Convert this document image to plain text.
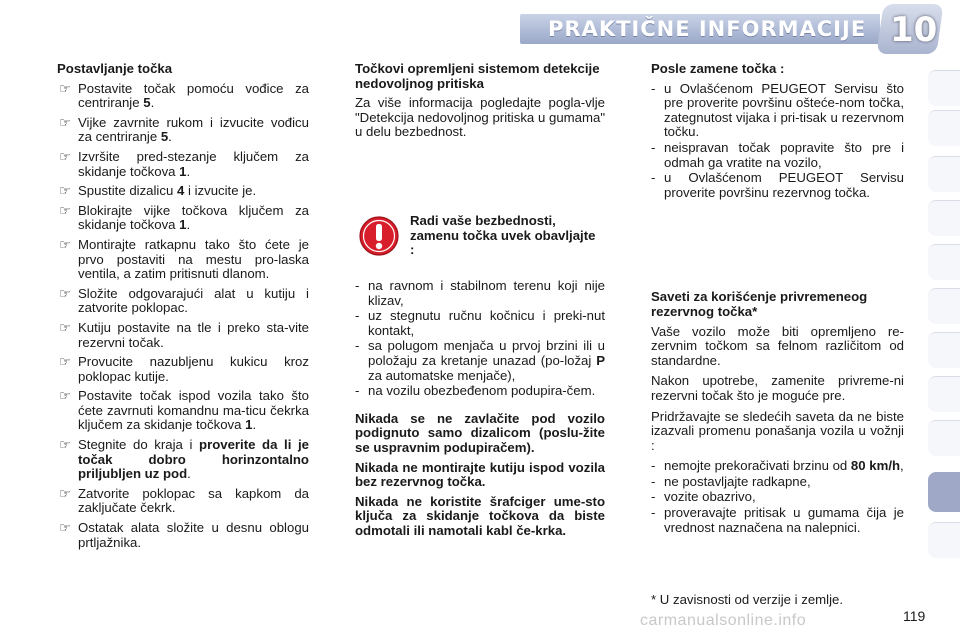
PRAKTIČNE INFORMACIJE 10
Postavljanje točka
☞ Postavite točak pomoću vođice za centriranje 5.
☞ Vijke zavrnite rukom i izvucite vođicu za centriranje 5.
☞ Izvršite pred-stezanje ključem za skidanje točkova 1.
☞ Spustite dizalicu 4 i izvucite je.
☞ Blokirajte vijke točkova ključem za skidanje točkova 1.
☞ Montirajte ratkapnu tako što ćete je prvo postaviti na mestu pro-laska ventila, a zatim pritisnuti dlanom.
☞ Složite odgovarajući alat u kutiju i zatvorite poklopac.
☞ Kutiju postavite na tle i preko sta-vite rezervni točak.
☞ Provucite nazubljenu kukicu kroz poklopac kutije.
☞ Postavite točak ispod vozila tako što ćete zavrnuti komandnu ma-ticu čekrka ključem za skidanje točkova 1.
☞ Stegnite do kraja i proverite da li je točak dobro horinzontalno priljubljen uz pod.
☞ Zatvorite poklopac sa kapkom da zaključate čekrk.
☞ Ostatak alata složite u desnu oblogu prtljažnika.
Točkovi opremljeni sistemom detekcije nedovoljnog pritiska

Za više informacija pogledajte pogla-vlje "Detekcija nedovoljnog pritiska u gumama" u delu bezbednost.

Radi vaše bezbednosti, zamenu točka uvek obavljajte :
- na ravnom i stabilnom terenu koji nije klizav,
- uz stegnutu ručnu kočnicu i preki-nut kontakt,
- sa polugom menjača u prvoj brzini ili u položaju za kretanje unazad (po-ložaj P za automatske menjače),
- na vozilu obezbeđenom podupira-čem.

Nikada se ne zavlačite pod vozilo podignuto samo dizalicom (poslu-žite se uspravnim podupiračem).

Nikada ne montirajte kutiju ispod vozila bez rezervnog točka.

Nikada ne koristite šrafciger ume-sto ključa za skidanje točkova da biste odmotali ili namotali kabl če-krka.

Posle zamene točka :
- u Ovlašćenom PEUGEOT Servisu što pre proverite površinu ošteće-nom točka, zategnutost vijaka i pri-tisak u rezervnom točku.
- neispravan točak popravite što pre i odmah ga vratite na vozilo,
- u Ovlašćenom PEUGEOT Servisu proverite površinu rezervnog točka.
Saveti za korišćenje privremeneog rezervnog točka*

Vaše vozilo može biti opremljeno re-zervnim točkom sa felnom različitom od standardne.

Nakon upotrebe, zamenite privreme-ni rezervni točak što je moguće pre.

Pridržavajte se sledećih saveta da ne biste izazvali promenu ponašanja vozila u vožnji :

- nemojte prekoračivati brzinu od 80 km/h,
- ne postavljajte radkapne,
- vozite obazrivo,
- proveravajte pritisak u gumama čija je vrednost naznačena na nalepnici.
* U zavisnosti od verzije i zemlje.
carmanualsonline.info	119
